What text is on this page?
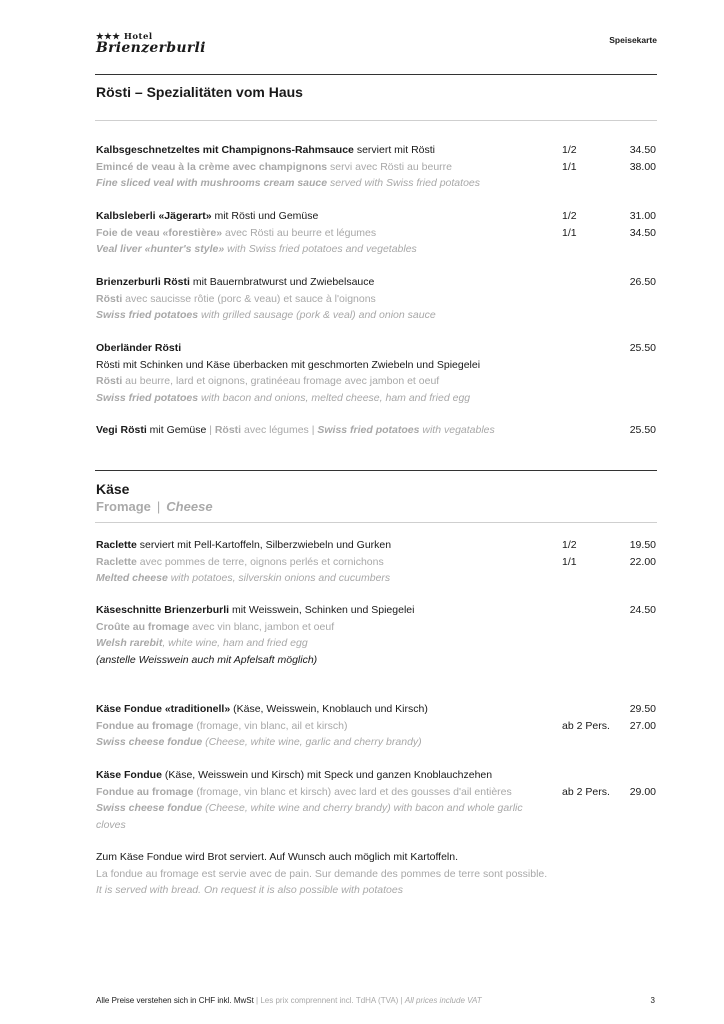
★★★ Hotel
Brienzerburli	Speisekarte
Rösti – Spezialitäten vom Haus
Kalbsgeschnetzeltes mit Champignons-Rahmsauce serviert mit Rösti	1/2	34.50
Emincé de veau à la crème avec champignons servi avec Rösti au beurre	1/1	38.00
Fine sliced veal with mushrooms cream sauce served with Swiss fried potatoes
Kalbsleberli «Jägerart» mit Rösti und Gemüse	1/2	31.00
Foie de veau «forestière» avec Rösti au beurre et légumes	1/1	34.50
Veal liver «hunter's style» with Swiss fried potatoes and vegetables
Brienzerburli Rösti mit Bauernbratwurst und Zwiebelsauce	26.50
Rösti avec saucisse rôtie (porc & veau) et sauce à l'oignons
Swiss fried potatoes with grilled sausage (pork & veal) and onion sauce
Oberländer Rösti	25.50
Rösti mit Schinken und Käse überbacken mit geschmorten Zwiebeln und Spiegelei
Rösti au beurre, lard et oignons, gratinéeau fromage avec jambon et oeuf
Swiss fried potatoes with bacon and onions, melted cheese, ham and fried egg
Vegi Rösti mit Gemüse | Rösti avec légumes | Swiss fried potatoes with vegatables	25.50
Käse
Fromage | Cheese
Raclette serviert mit Pell-Kartoffeln, Silberzwiebeln und Gurken	1/2	19.50
Raclette avec pommes de terre, oignons perlés et cornichons	1/1	22.00
Melted cheese with potatoes, silverskin onions and cucumbers
Käseschnitte Brienzerburli mit Weisswein, Schinken und Spiegelei	24.50
Croûte au fromage avec vin blanc, jambon et oeuf
Welsh rarebit, white wine, ham and fried egg
(anstelle Weisswein auch mit Apfelsaft möglich)
Käse Fondue «traditionell» (Käse, Weisswein, Knoblauch und Kirsch)	29.50
Fondue au fromage (fromage, vin blanc, ail et kirsch)	ab 2 Pers. 27.00
Swiss cheese fondue (Cheese, white wine, garlic and cherry brandy)
Käse Fondue (Käse, Weisswein und Kirsch) mit Speck und ganzen Knoblauchzehen
Fondue au fromage (fromage, vin blanc et kirsch) avec lard et des gousses d'ail entières	ab 2 Pers. 29.00
Swiss cheese fondue (Cheese, white wine and cherry brandy) with bacon and whole garlic
cloves
Zum Käse Fondue wird Brot serviert. Auf Wunsch auch möglich mit Kartoffeln.
La fondue au fromage est servie avec de pain. Sur demande des pommes de terre sont possible.
It is served with bread. On request it is also possible with potatoes
Alle Preise verstehen sich in CHF inkl. MwSt | Les prix comprennent incl. TdHA (TVA) | All prices include VAT	3
